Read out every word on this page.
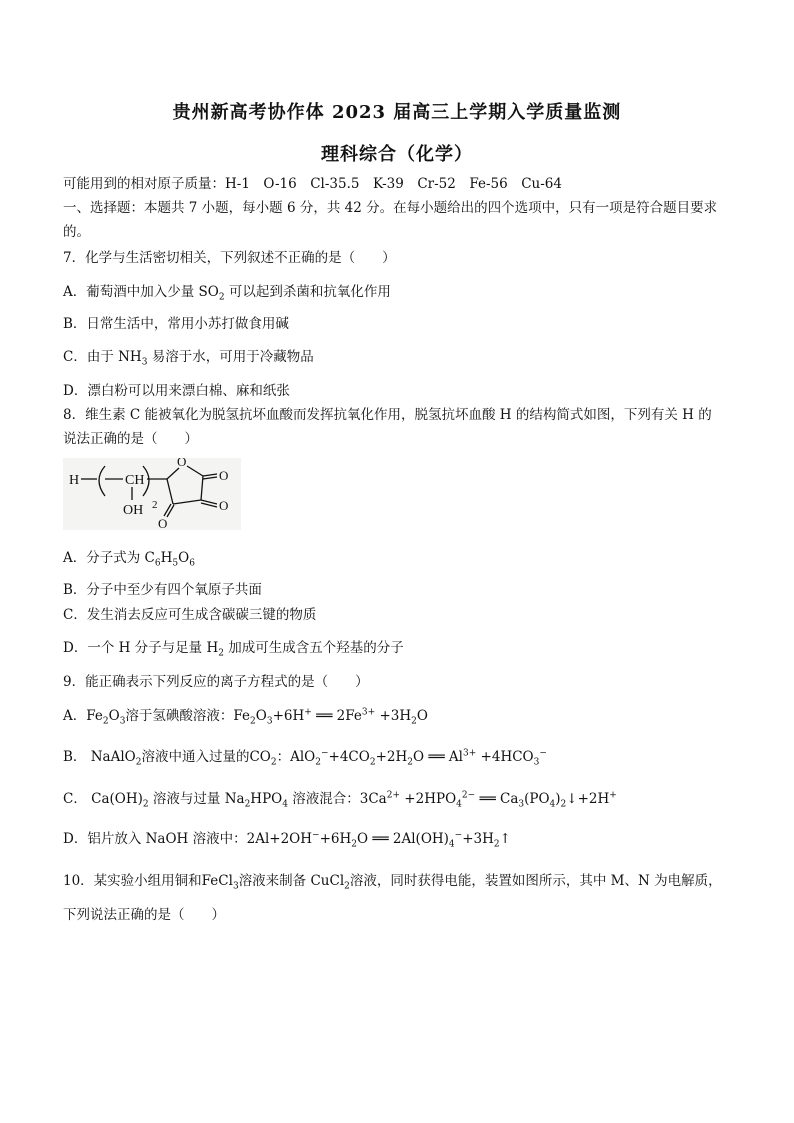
贵州新高考协作体 2023 届高三上学期入学质量监测
理科综合（化学）
可能用到的相对原子质量：H-1　O-16　Cl-35.5　K-39　Cr-52　Fe-56　Cu-64
一、选择题：本题共 7 小题，每小题 6 分，共 42 分。在每小题给出的四个选项中，只有一项是符合题目要求
的。
7．化学与生活密切相关，下列叙述不正确的是（　　）
A．葡萄酒中加入少量 $SO_2$ 可以起到杀菌和抗氧化作用
B．日常生活中，常用小苏打做食用碱
C．由于 $NH_3$ 易溶于水，可用于冷藏物品
D．漂白粉可以用来漂白棉、麻和纸张
8．维生素 C 能被氧化为脱氢抗坏血酸而发挥抗氧化作用，脱氢抗坏血酸 H 的结构简式如图，下列有关 H 的
说法正确的是（　　）
H	CH
OH 2
O
O
O
O
A．分子式为 $C_6H_5O_6$
B．分子中至少有四个氧原子共面
C．发生消去反应可生成含碳碳三键的物质
D．一个 H 分子与足量 $H_2$ 加成可生成含五个羟基的分子
9．能正确表示下列反应的离子方程式的是（　　）
A．$Fe_2O_3$溶于氢碘酸溶液：$Fe_2O_3+6H^+$ ══ $2Fe^{3+} +3H_2O$
B． NaAlO$_2$溶液中通入过量的$CO_2$：$AlO_2^-+4CO_2+2H_2O$ ══ $Al^{3+} +4HCO_3^-$
C． $Ca(OH)_2$ 溶液与过量 $Na_2HPO_4$ 溶液混合：$3Ca^{2+} +2HPO_4^{2-}$ ══ $Ca_3(PO_4)_2↓+2H^+$
D．铝片放入 NaOH 溶液中：$2Al+2OH^-+6H_2O$ ══ $2Al(OH)_4^-+3H_2↑$
10．某实验小组用铜和FeCl$_3$溶液来制备 CuCl$_2$溶液，同时获得电能，装置如图所示，其中 M、N 为电解质，
下列说法正确的是（　　）
